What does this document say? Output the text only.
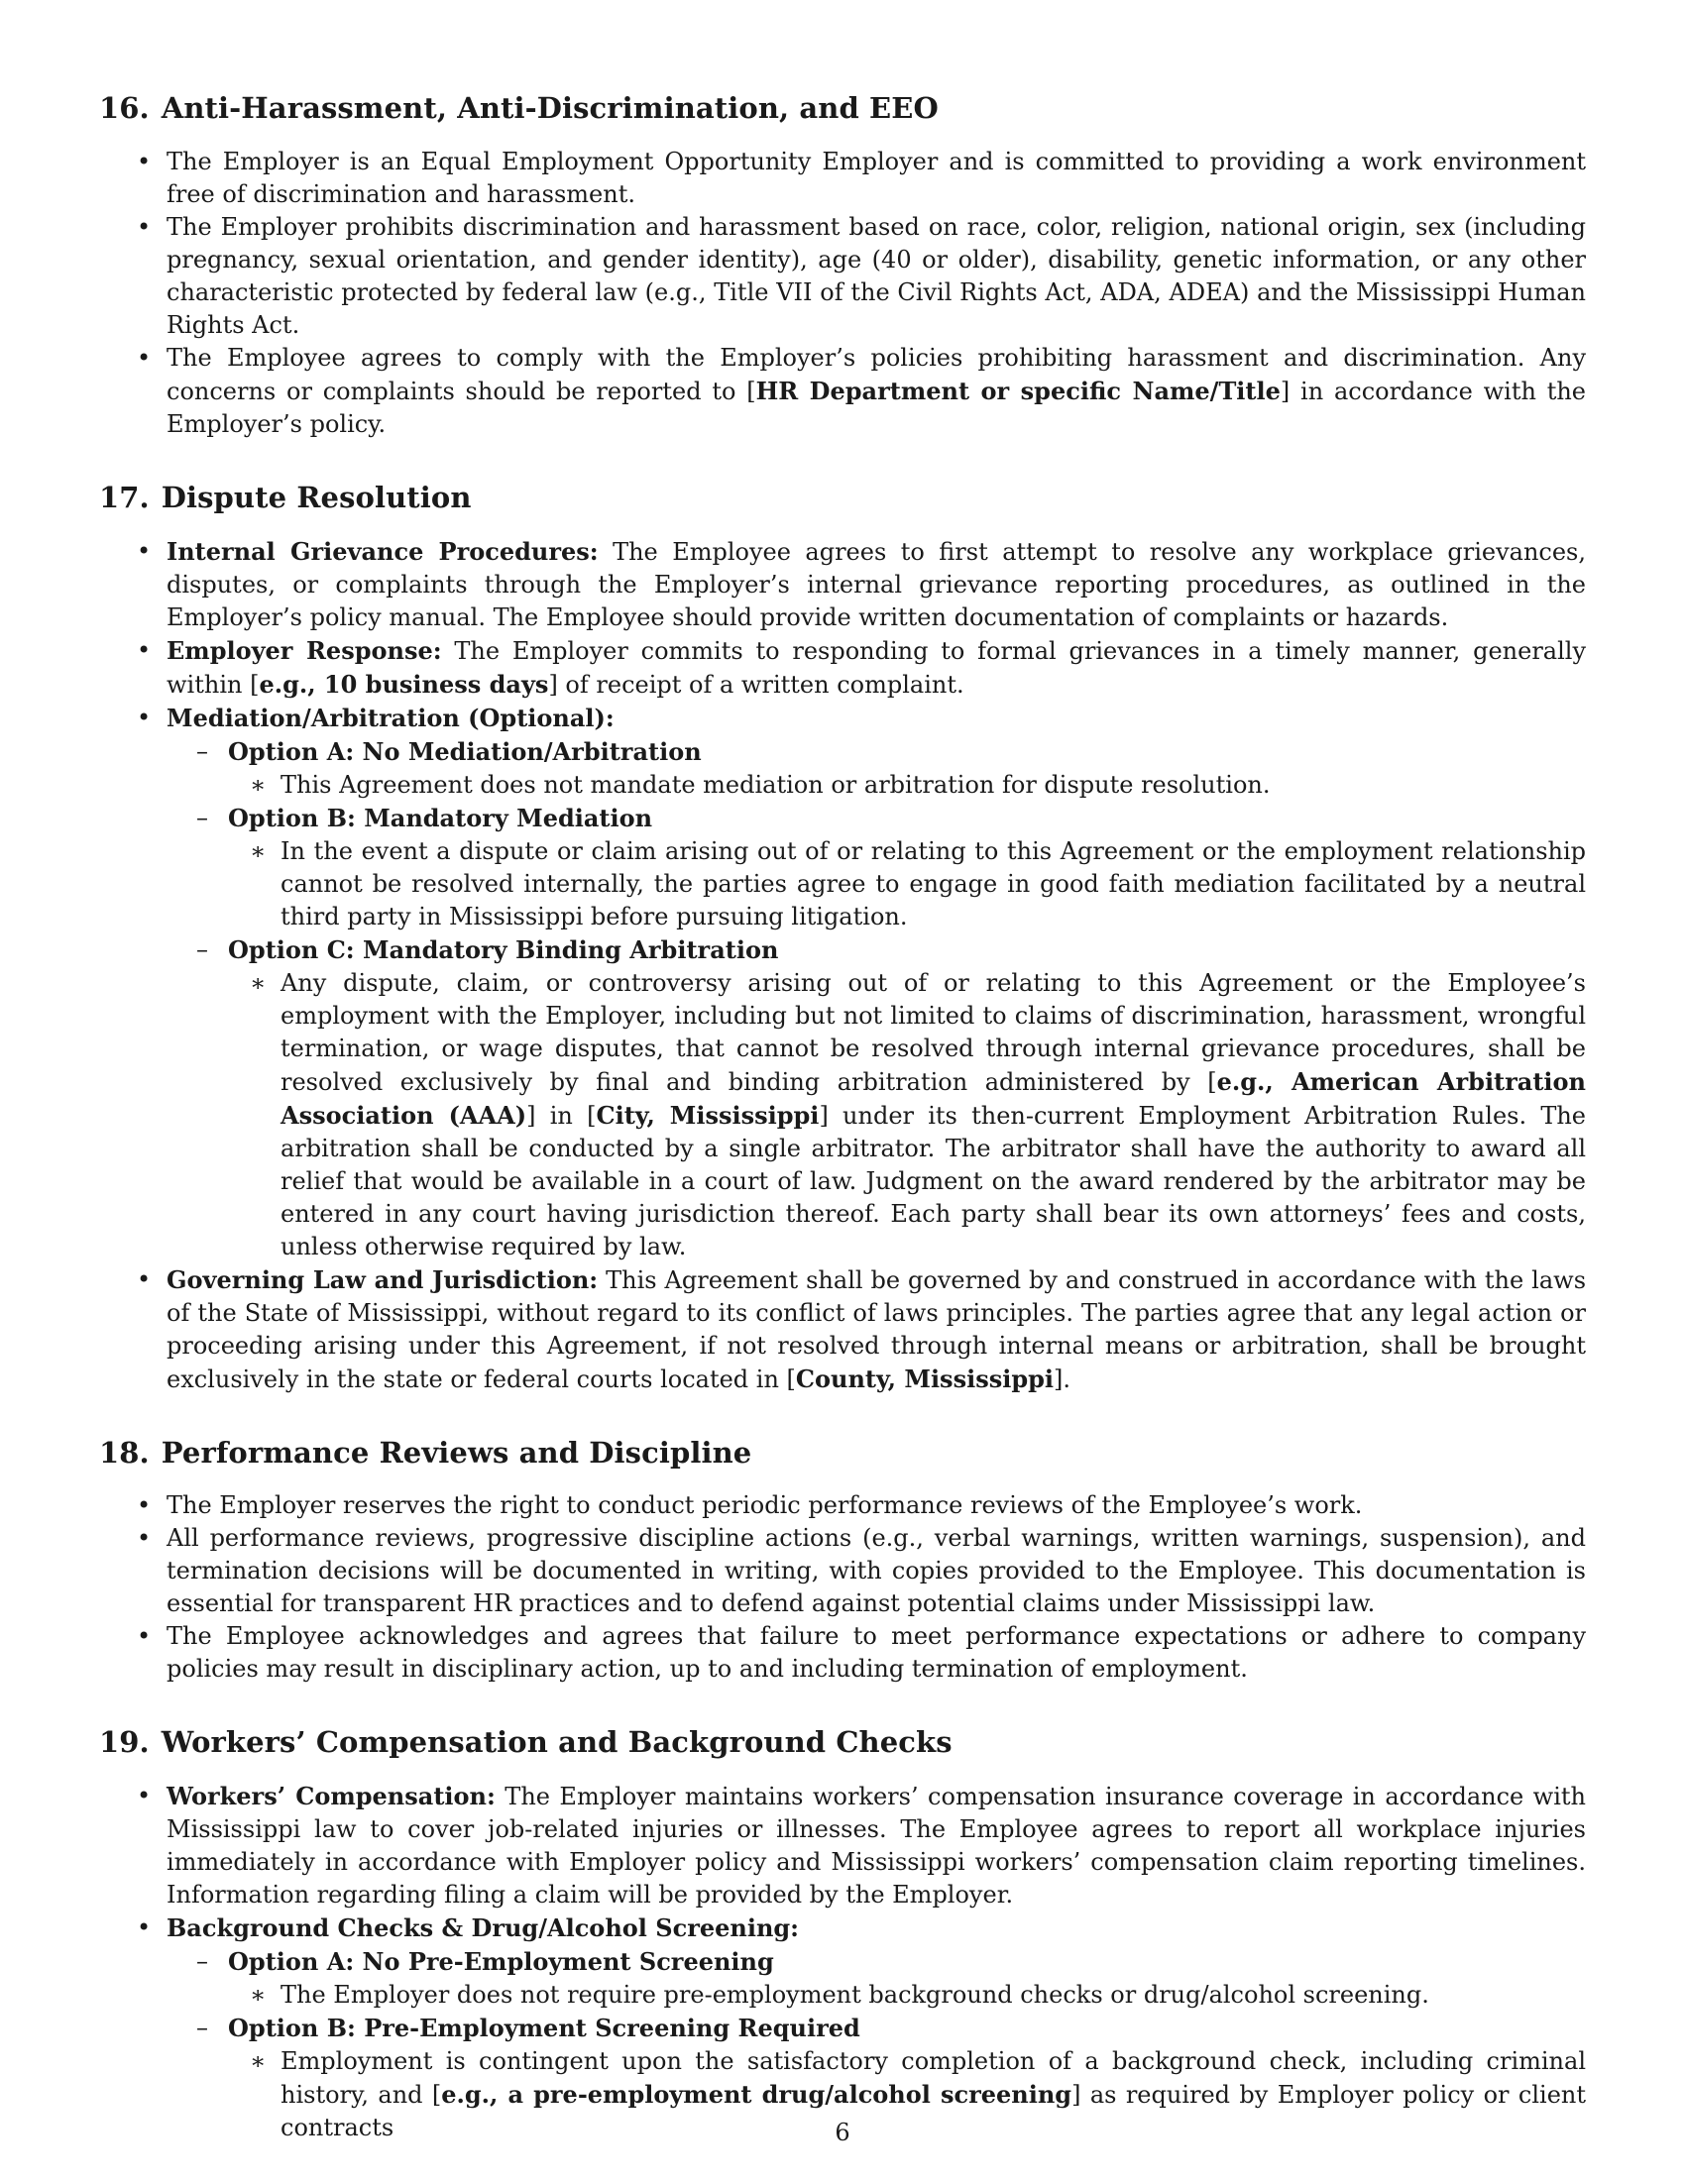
16. Anti-Harassment, Anti-Discrimination, and EEO
• The Employer is an Equal Employment Opportunity Employer and is committed to providing a work environment free of discrimination and harassment.
• The Employer prohibits discrimination and harassment based on race, color, religion, national origin, sex (including pregnancy, sexual orientation, and gender identity), age (40 or older), disability, genetic information, or any other characteristic protected by federal law (e.g., Title VII of the Civil Rights Act, ADA, ADEA) and the Mississippi Human Rights Act.
• The Employee agrees to comply with the Employer’s policies prohibiting harassment and discrimination. Any concerns or complaints should be reported to [HR Department or specific Name/Title] in accordance with the Employer’s policy.
17. Dispute Resolution
• Internal Grievance Procedures: The Employee agrees to first attempt to resolve any workplace grievances, disputes, or complaints through the Employer’s internal grievance reporting procedures, as outlined in the Employer’s policy manual. The Employee should provide written documentation of complaints or hazards.
• Employer Response: The Employer commits to responding to formal grievances in a timely manner, generally within [e.g., 10 business days] of receipt of a written complaint.
• Mediation/Arbitration (Optional):
– Option A: No Mediation/Arbitration
∗ This Agreement does not mandate mediation or arbitration for dispute resolution.
– Option B: Mandatory Mediation
∗ In the event a dispute or claim arising out of or relating to this Agreement or the employment relationship cannot be resolved internally, the parties agree to engage in good faith mediation facilitated by a neutral third party in Mississippi before pursuing litigation.
– Option C: Mandatory Binding Arbitration
∗ Any dispute, claim, or controversy arising out of or relating to this Agreement or the Employee’s employment with the Employer, including but not limited to claims of discrimination, harassment, wrongful termination, or wage disputes, that cannot be resolved through internal grievance procedures, shall be resolved exclusively by final and binding arbitration administered by [e.g., American Arbitration Association (AAA)] in [City, Mississippi] under its then-current Employment Arbitration Rules. The arbitration shall be conducted by a single arbitrator. The arbitrator shall have the authority to award all relief that would be available in a court of law. Judgment on the award rendered by the arbitrator may be entered in any court having jurisdiction thereof. Each party shall bear its own attorneys’ fees and costs, unless otherwise required by law.
• Governing Law and Jurisdiction: This Agreement shall be governed by and construed in accordance with the laws of the State of Mississippi, without regard to its conflict of laws principles. The parties agree that any legal action or proceeding arising under this Agreement, if not resolved through internal means or arbitration, shall be brought exclusively in the state or federal courts located in [County, Mississippi].
18. Performance Reviews and Discipline
• The Employer reserves the right to conduct periodic performance reviews of the Employee’s work.
• All performance reviews, progressive discipline actions (e.g., verbal warnings, written warnings, suspension), and termination decisions will be documented in writing, with copies provided to the Employee. This documentation is essential for transparent HR practices and to defend against potential claims under Mississippi law.
• The Employee acknowledges and agrees that failure to meet performance expectations or adhere to company policies may result in disciplinary action, up to and including termination of employment.
19. Workers’ Compensation and Background Checks
• Workers’ Compensation: The Employer maintains workers’ compensation insurance coverage in accordance with Mississippi law to cover job-related injuries or illnesses. The Employee agrees to report all workplace injuries immediately in accordance with Employer policy and Mississippi workers’ compensation claim reporting timelines. Information regarding filing a claim will be provided by the Employer.
• Background Checks & Drug/Alcohol Screening:
– Option A: No Pre-Employment Screening
∗ The Employer does not require pre-employment background checks or drug/alcohol screening.
– Option B: Pre-Employment Screening Required
∗ Employment is contingent upon the satisfactory completion of a background check, including criminal history, and [e.g., a pre-employment drug/alcohol screening] as required by Employer policy or client contracts	6
